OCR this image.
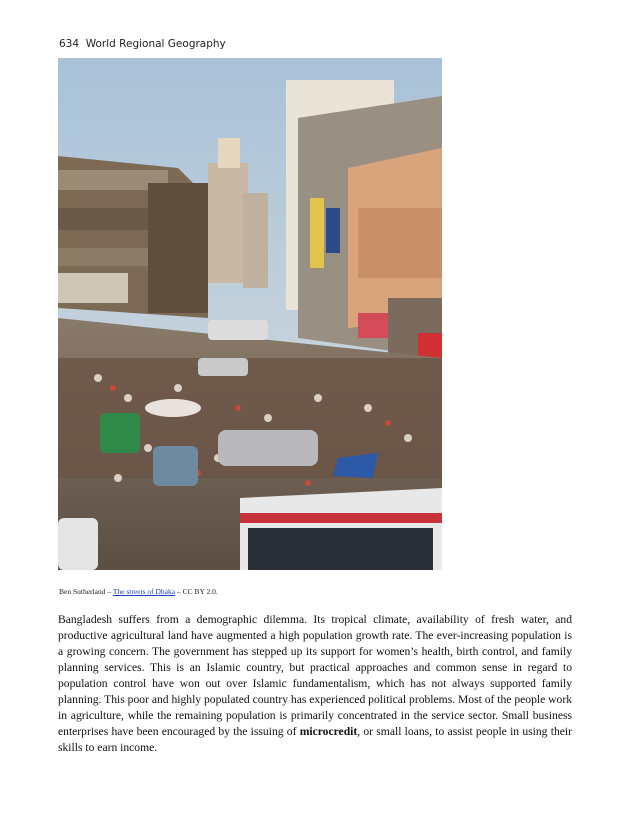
634 World Regional Geography
Ben Sutherland – The streets of Dhaka – CC BY 2.0.

Bangladesh suffers from a demographic dilemma. Its tropical climate, availability of fresh water, and productive agricultural land have augmented a high population growth rate. The ever-increasing population is a growing concern. The government has stepped up its support for women’s health, birth control, and family planning services. This is an Islamic country, but practical approaches and common sense in regard to population control have won out over Islamic fundamentalism, which has not always supported family planning. This poor and highly populated country has experienced political problems. Most of the people work in agriculture, while the remaining population is primarily concentrated in the service sector. Small business enterprises have been encouraged by the issuing of microcredit, or small loans, to assist people in using their skills to earn income.
